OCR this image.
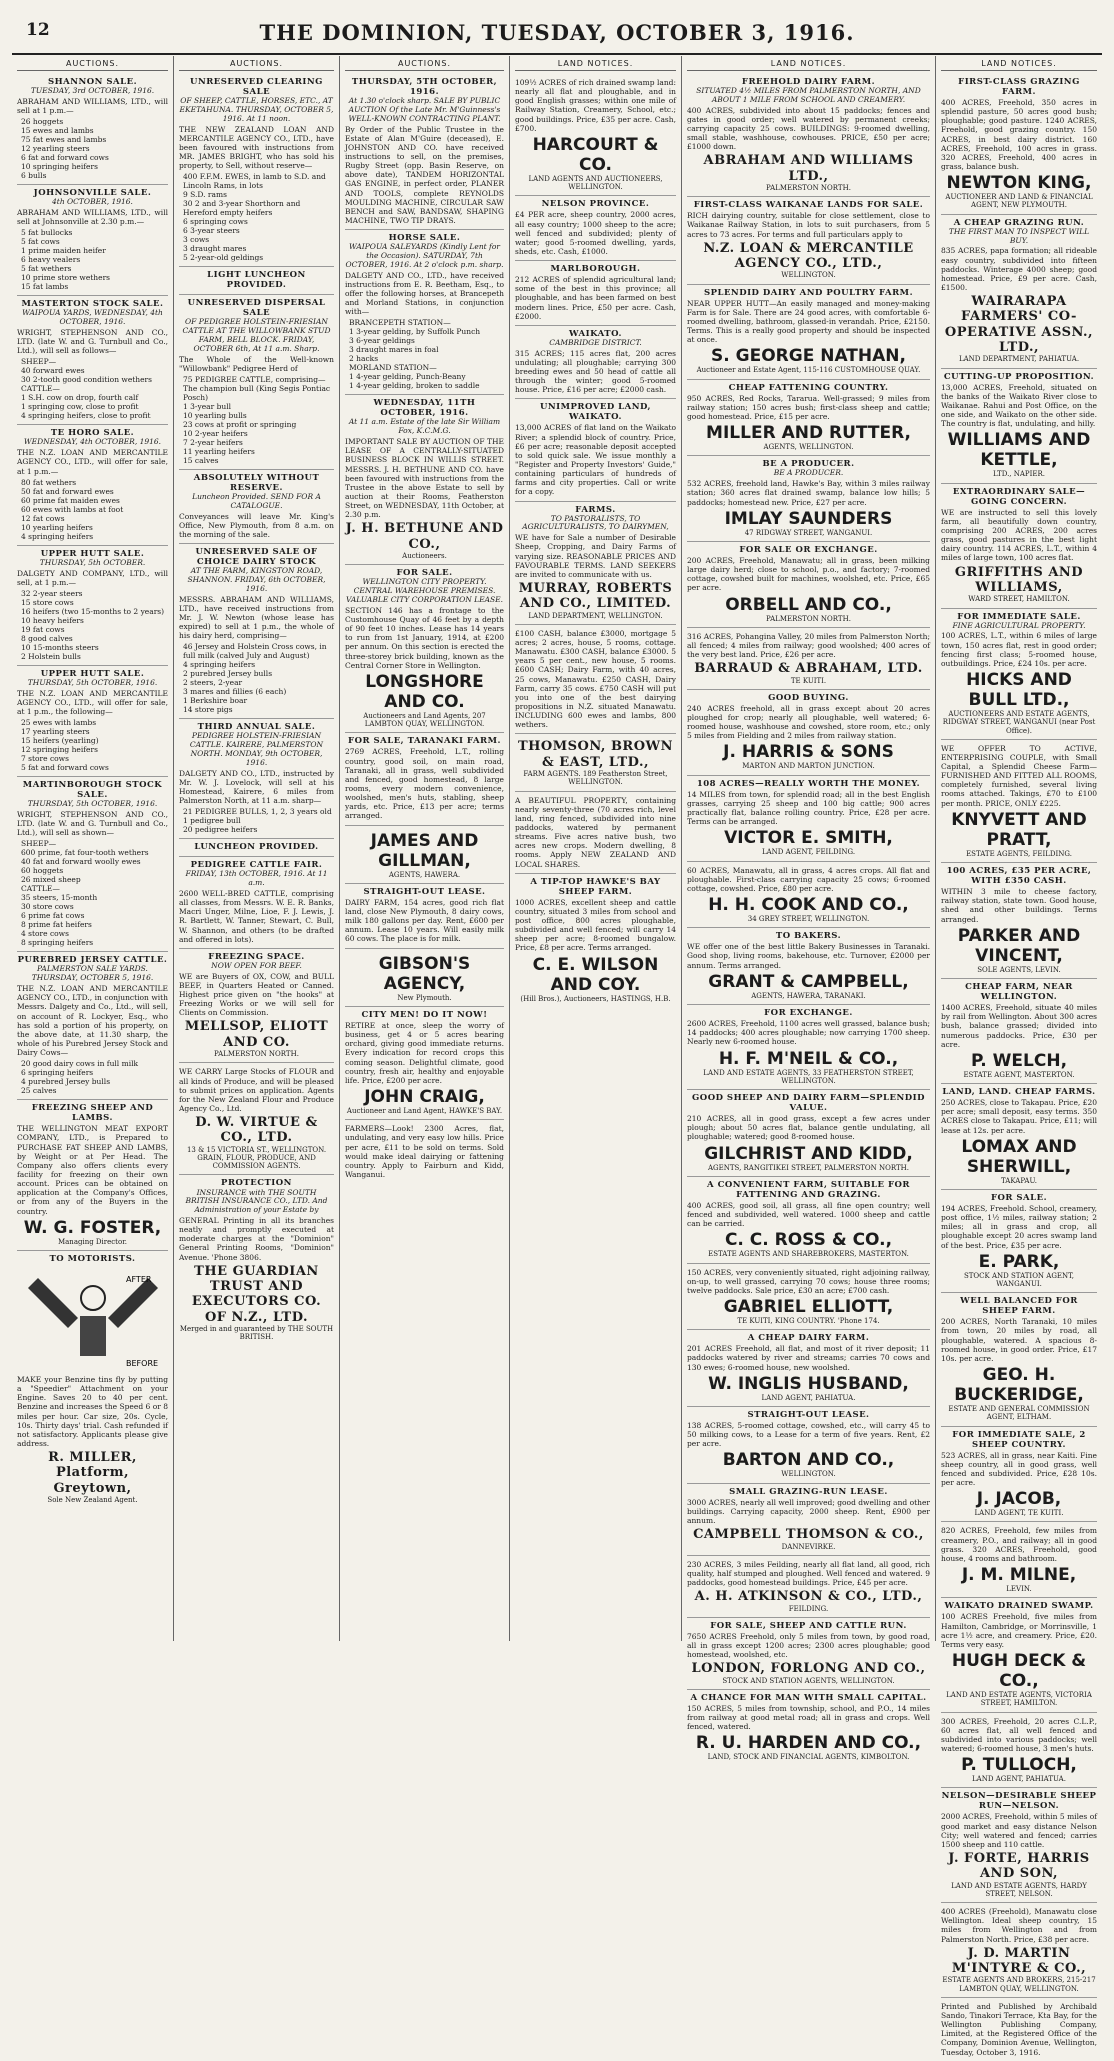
12	THE DOMINION, TUESDAY, OCTOBER 3, 1916.
AUCTIONS.
SHANNON SALE.
TUESDAY, 3rd OCTOBER, 1916.
ABRAHAM AND WILLIAMS, LTD., will sell at 1 p.m.—
26 hoggets
15 ewes and lambs
75 fat ewes and lambs
12 yearling steers
6 fat and forward cows
10 springing heifers
6 bulls
JOHNSONVILLE SALE.
4th OCTOBER, 1916.
ABRAHAM AND WILLIAMS, LTD., will sell at Johnsonville at 2.30 p.m.—
5 fat bullocks
5 fat cows
1 prime maiden heifer
6 heavy vealers
5 fat wethers
10 prime store wethers
15 fat lambs
MASTERTON STOCK SALE.
WAIPOUA YARDS, WEDNESDAY, 4th OCTOBER, 1916.
WRIGHT, STEPHENSON AND CO., LTD. (late W. and G. Turnbull and Co., Ltd.), will sell as follows—
SHEEP—
40 forward ewes
30 2-tooth good condition wethers
CATTLE—
1 S.H. cow on drop, fourth calf
1 springing cow, close to profit
4 springing heifers, close to profit
TE HORO SALE.
WEDNESDAY, 4th OCTOBER, 1916.
THE N.Z. LOAN AND MERCANTILE AGENCY CO., LTD., will offer for sale, at 1 p.m.—
80 fat wethers
50 fat and forward ewes
60 prime fat maiden ewes
60 ewes with lambs at foot
12 fat cows
10 yearling heifers
4 springing heifers
UPPER HUTT SALE.
THURSDAY, 5th OCTOBER.
DALGETY AND COMPANY, LTD., will sell, at 1 p.m.—
32 2-year steers
15 store cows
16 heifers (two 15-months to 2 years)
10 heavy heifers
19 fat cows
8 good calves
10 15-months steers
2 Holstein bulls
UPPER HUTT SALE.
THURSDAY, 5th OCTOBER, 1916.
THE N.Z. LOAN AND MERCANTILE AGENCY CO., LTD., will offer for sale, at 1 p.m., the following—
25 ewes with lambs
17 yearling steers
15 heifers (yearling)
12 springing heifers
7 store cows
5 fat and forward cows
MARTINBOROUGH STOCK SALE.
THURSDAY, 5th OCTOBER, 1916.
WRIGHT, STEPHENSON AND CO., LTD. (late W. and G. Turnbull and Co., Ltd.), will sell as shown—
SHEEP—
600 prime, fat four-tooth wethers
40 fat and forward woolly ewes
60 hoggets
26 mixed sheep
CATTLE—
35 steers, 15-month
30 store cows
6 prime fat cows
8 prime fat heifers
4 store cows
8 springing heifers
PUREBRED JERSEY CATTLE.
PALMERSTON SALE YARDS. THURSDAY, OCTOBER 5, 1916.
THE N.Z. LOAN AND MERCANTILE AGENCY CO., LTD., in conjunction with Messrs. Dalgety and Co., Ltd., will sell, on account of R. Lockyer, Esq., who has sold a portion of his property, on the above date, at 11.30 sharp, the whole of his Purebred Jersey Stock and Dairy Cows—
20 good dairy cows in full milk
6 springing heifers
4 purebred Jersey bulls
25 calves
FREEZING SHEEP AND LAMBS.
THE WELLINGTON MEAT EXPORT COMPANY, LTD., is Prepared to PURCHASE FAT SHEEP AND LAMBS, by Weight or at Per Head. The Company also offers clients every facility for freezing on their own account. Prices can be obtained on application at the Company's Offices, or from any of the Buyers in the country.
W. G. FOSTER,
Managing Director.
TO MOTORISTS.
AFTER
BEFORE
MAKE your Benzine tins fly by putting a "Speedier" Attachment on your Engine. Saves 20 to 40 per cent. Benzine and increases the Speed 6 or 8 miles per hour. Car size, 20s. Cycle, 10s. Thirty days' trial. Cash refunded if not satisfactory. Applicants please give address.
R. MILLER, Platform, Greytown,
Sole New Zealand Agent.
AUCTIONS.
UNRESERVED CLEARING SALE
OF SHEEP, CATTLE, HORSES, ETC., AT EKETAHUNA. THURSDAY, OCTOBER 5, 1916. At 11 noon.
THE NEW ZEALAND LOAN AND MERCANTILE AGENCY CO., LTD., have been favoured with instructions from MR. JAMES BRIGHT, who has sold his property, to Sell, without reserve—
400 F.F.M. EWES, in lamb to S.D. and Lincoln Rams, in lots
9 S.D. rams
30 2 and 3-year Shorthorn and Hereford empty heifers
6 springing cows
6 3-year steers
3 cows
3 draught mares
5 2-year-old geldings
LIGHT LUNCHEON PROVIDED.
UNRESERVED DISPERSAL SALE
OF PEDIGREE HOLSTEIN-FRIESIAN CATTLE AT THE WILLOWBANK STUD FARM, BELL BLOCK. FRIDAY, OCTOBER 6th, At 11 a.m. Sharp.
The Whole of the Well-known "Willowbank" Pedigree Herd of
75 PEDIGREE CATTLE, comprising—
The champion bull (King Segis Pontiac Posch)
1 3-year bull
10 yearling bulls
23 cows at profit or springing
10 2-year heifers
7 2-year heifers
11 yearling heifers
15 calves
ABSOLUTELY WITHOUT RESERVE.
Luncheon Provided. SEND FOR A CATALOGUE.
Conveyances will leave Mr. King's Office, New Plymouth, from 8 a.m. on the morning of the sale.
UNRESERVED SALE OF CHOICE DAIRY STOCK
AT THE FARM, KINGSTON ROAD, SHANNON. FRIDAY, 6th OCTOBER, 1916.
MESSRS. ABRAHAM AND WILLIAMS, LTD., have received instructions from Mr. J. W. Newton (whose lease has expired) to sell at 1 p.m., the whole of his dairy herd, comprising—
46 Jersey and Holstein Cross cows, in full milk (calved July and August)
4 springing heifers
2 purebred Jersey bulls
2 steers, 2-year
3 mares and fillies (6 each)
1 Berkshire boar
14 store pigs
THIRD ANNUAL SALE.
PEDIGREE HOLSTEIN-FRIESIAN CATTLE. KAIRERE, PALMERSTON NORTH. MONDAY, 9th OCTOBER, 1916.
DALGETY AND CO., LTD., instructed by Mr. W. J. Lovelock, will sell at his Homestead, Kairere, 6 miles from Palmerston North, at 11 a.m. sharp—
21 PEDIGREE BULLS, 1, 2, 3 years old
1 pedigree bull
20 pedigree heifers
LUNCHEON PROVIDED.
PEDIGREE CATTLE FAIR.
FRIDAY, 13th OCTOBER, 1916. At 11 a.m.
2600 WELL-BRED CATTLE, comprising all classes, from Messrs. W. E. R. Banks, Macri Unger, Milne, Lioe, F. J. Lewis, J. R. Bartlett, W. Tanner, Stewart, C. Bull, W. Shannon, and others (to be drafted and offered in lots).
FREEZING SPACE.
NOW OPEN FOR BEEF.
WE are Buyers of OX, COW, and BULL BEEF, in Quarters Heated or Canned. Highest price given on "the hooks" at Freezing Works or we will sell for Clients on Commission.
MELLSOP, ELIOTT AND CO.
PALMERSTON NORTH.
WE CARRY Large Stocks of FLOUR and all kinds of Produce, and will be pleased to submit prices on application. Agents for the New Zealand Flour and Produce Agency Co., Ltd.
D. W. VIRTUE & CO., LTD.
13 & 15 VICTORIA ST., WELLINGTON. GRAIN, FLOUR, PRODUCE, AND COMMISSION AGENTS.
PROTECTION
INSURANCE with THE SOUTH BRITISH INSURANCE CO., LTD. And Administration of your Estate by
GENERAL Printing in all its branches neatly and promptly executed at moderate charges at the "Dominion" General Printing Rooms, "Dominion" Avenue. 'Phone 3806.
THE GUARDIAN TRUST AND EXECUTORS CO. OF N.Z., LTD.
Merged in and guaranteed by THE SOUTH BRITISH.
AUCTIONS.
THURSDAY, 5TH OCTOBER, 1916.
At 1.30 o'clock sharp. SALE BY PUBLIC AUCTION Of the Late Mr. M'Guinness's WELL-KNOWN CONTRACTING PLANT.
By Order of the Public Trustee in the Estate of Alan M'Guire (deceased), E. JOHNSTON AND CO. have received instructions to sell, on the premises, Rugby Street (opp. Basin Reserve, on above date), TANDEM HORIZONTAL GAS ENGINE, in perfect order, PLANER AND TOOLS, complete REYNOLDS MOULDING MACHINE, CIRCULAR SAW BENCH and SAW, BANDSAW, SHAPING MACHINE, TWO TIP DRAYS.
HORSE SALE.
WAIPOUA SALEYARDS (Kindly Lent for the Occasion). SATURDAY, 7th OCTOBER, 1916. At 2 o'clock p.m. sharp.
DALGETY AND CO., LTD., have received instructions from E. R. Beetham, Esq., to offer the following horses, at Brancepeth and Morland Stations, in conjunction with—
BRANCEPETH STATION—
1 3-year gelding, by Suffolk Punch
3 6-year geldings
3 draught mares in foal
2 hacks
MORLAND STATION—
1 4-year gelding, Punch-Beany
1 4-year gelding, broken to saddle
WEDNESDAY, 11TH OCTOBER, 1916.
At 11 a.m. Estate of the late Sir William Fox, K.C.M.G.
IMPORTANT SALE BY AUCTION OF THE LEASE OF A CENTRALLY-SITUATED BUSINESS BLOCK IN WILLIS STREET. MESSRS. J. H. BETHUNE AND CO. have been favoured with instructions from the Trustee in the above Estate to sell by auction at their Rooms, Featherston Street, on WEDNESDAY, 11th October, at 2.30 p.m.
J. H. BETHUNE AND CO.,
Auctioneers.
FOR SALE.
WELLINGTON CITY PROPERTY. CENTRAL WAREHOUSE PREMISES. VALUABLE CITY CORPORATION LEASE.
SECTION 146 has a frontage to the Customhouse Quay of 46 feet by a depth of 90 feet 10 inches. Lease has 14 years to run from 1st January, 1914, at £200 per annum. On this section is erected the three-storey brick building, known as the Central Corner Store in Wellington.
LONGSHORE AND CO.
Auctioneers and Land Agents, 207 LAMBTON QUAY, WELLINGTON.
FOR SALE, TARANAKI FARM.
2769 ACRES, Freehold, L.T., rolling country, good soil, on main road, Taranaki, all in grass, well subdivided and fenced, good homestead, 8 large rooms, every modern convenience, woolshed, men's huts, stabling, sheep yards, etc. Price, £13 per acre; terms arranged.
JAMES AND GILLMAN,
AGENTS, HAWERA.
STRAIGHT-OUT LEASE.
DAIRY FARM, 154 acres, good rich flat land, close New Plymouth, 8 dairy cows, milk 180 gallons per day. Rent, £600 per annum. Lease 10 years. Will easily milk 60 cows. The place is for milk.
GIBSON'S AGENCY,
New Plymouth.
CITY MEN! DO IT NOW!
RETIRE at once, sleep the worry of business, get 4 or 5 acres bearing orchard, giving good immediate returns. Every indication for record crops this coming season. Delightful climate, good country, fresh air, healthy and enjoyable life. Price, £200 per acre.
JOHN CRAIG,
Auctioneer and Land Agent, HAWKE'S BAY.
FARMERS—Look! 2300 Acres, flat, undulating, and very easy low hills. Price per acre, £11 to be sold on terms. Sold would make ideal dairying or fattening country. Apply to Fairburn and Kidd, Wanganui.
LAND NOTICES.
109½ ACRES of rich drained swamp land: nearly all flat and ploughable, and in good English grasses; within one mile of Railway Station, Creamery, School, etc.; good buildings. Price, £35 per acre. Cash, £700.
HARCOURT & CO.
LAND AGENTS AND AUCTIONEERS, WELLINGTON.
NELSON PROVINCE.
£4 PER acre, sheep country, 2000 acres, all easy country; 1000 sheep to the acre; well fenced and subdivided; plenty of water; good 5-roomed dwelling, yards, sheds, etc. Cash, £1000.
MARLBOROUGH.
212 ACRES of splendid agricultural land; some of the best in this province; all ploughable, and has been farmed on best modern lines. Price, £50 per acre. Cash, £2000.
WAIKATO.
CAMBRIDGE DISTRICT.
315 ACRES; 115 acres flat, 200 acres undulating; all ploughable; carrying 300 breeding ewes and 50 head of cattle all through the winter; good 5-roomed house. Price, £16 per acre; £2000 cash.
UNIMPROVED LAND, WAIKATO.
13,000 ACRES of flat land on the Waikato River; a splendid block of country. Price, £6 per acre; reasonable deposit accepted to sold quick sale. We issue monthly a "Register and Property Investors' Guide," containing particulars of hundreds of farms and city properties. Call or write for a copy.
FARMS.
TO PASTORALISTS, TO AGRICULTURALISTS, TO DAIRYMEN,
WE have for Sale a number of Desirable Sheep, Cropping, and Dairy Farms of varying size. REASONABLE PRICES AND FAVOURABLE TERMS. LAND SEEKERS are invited to communicate with us.
MURRAY, ROBERTS AND CO., LIMITED.
LAND DEPARTMENT, WELLINGTON.
£100 CASH, balance £3000, mortgage 5 acres; 2 acres, house, 5 rooms, cottage. Manawatu. £300 CASH, balance £3000. 5 years 5 per cent., new house, 5 rooms. £600 CASH; Dairy Farm, with 40 acres, 25 cows, Manawatu. £250 CASH, Dairy Farm, carry 35 cows. £750 CASH will put you into one of the best dairying propositions in N.Z. situated Manawatu. INCLUDING 600 ewes and lambs, 800 wethers.
THOMSON, BROWN & EAST, LTD.,
FARM AGENTS. 189 Featherston Street, WELLINGTON.
A BEAUTIFUL PROPERTY, containing nearly seventy-three (70 acres rich, level land, ring fenced, subdivided into nine paddocks, watered by permanent streams. Five acres native bush, two acres new crops. Modern dwelling, 8 rooms. Apply NEW ZEALAND AND LOCAL SHARES.
A TIP-TOP HAWKE'S BAY SHEEP FARM.
1000 ACRES, excellent sheep and cattle country, situated 3 miles from school and post office, 800 acres ploughable, subdivided and well fenced; will carry 14 sheep per acre; 8-roomed bungalow. Price, £8 per acre. Terms arranged.
C. E. WILSON AND COY.
(Hill Bros.), Auctioneers, HASTINGS, H.B.
LAND NOTICES.
FREEHOLD DAIRY FARM.
SITUATED 4½ MILES FROM PALMERSTON NORTH, AND ABOUT 1 MILE FROM SCHOOL AND CREAMERY.
400 ACRES, subdivided into about 15 paddocks; fences and gates in good order; well watered by permanent creeks; carrying capacity 25 cows. BUILDINGS: 9-roomed dwelling, small stable, washhouse, cowhouses. PRICE, £50 per acre; £1000 down.
ABRAHAM AND WILLIAMS LTD.,
PALMERSTON NORTH.
FIRST-CLASS WAIKANAE LANDS FOR SALE.
RICH dairying country, suitable for close settlement, close to Waikanae Railway Station, in lots to suit purchasers, from 5 acres to 73 acres. For terms and full particulars apply to
N.Z. LOAN & MERCANTILE AGENCY CO., LTD.,
WELLINGTON.
SPLENDID DAIRY AND POULTRY FARM.
NEAR UPPER HUTT—An easily managed and money-making Farm is for Sale. There are 24 good acres, with comfortable 6-roomed dwelling, bathroom, glassed-in verandah. Price, £2150. Terms. This is a really good property and should be inspected at once.
S. GEORGE NATHAN,
Auctioneer and Estate Agent, 115-116 CUSTOMHOUSE QUAY.
CHEAP FATTENING COUNTRY.
950 ACRES, Red Rocks, Tararua. Well-grassed; 9 miles from railway station; 150 acres bush; first-class sheep and cattle; good homestead. Price, £15 per acre.
MILLER AND RUTTER,
AGENTS, WELLINGTON.
BE A PRODUCER.
BE A PRODUCER.
532 ACRES, freehold land, Hawke's Bay, within 3 miles railway station; 360 acres flat drained swamp, balance low hills; 5 paddocks; homestead new. Price, £27 per acre.
IMLAY SAUNDERS
47 RIDGWAY STREET, WANGANUI.
FOR SALE OR EXCHANGE.
200 ACRES, Freehold, Manawatu; all in grass, been milking large dairy herd; close to school, p.o., and factory; 7-roomed cottage, cowshed built for machines, woolshed, etc. Price, £65 per acre.
ORBELL AND CO.,
PALMERSTON NORTH.
316 ACRES, Pohangina Valley, 20 miles from Palmerston North; all fenced; 4 miles from railway; good woolshed; 400 acres of the very best land. Price, £26 per acre.
BARRAUD & ABRAHAM, LTD.
TE KUITI.
GOOD BUYING.
240 ACRES freehold, all in grass except about 20 acres ploughed for crop; nearly all ploughable, well watered; 6-roomed house, washhouse and cowshed, store room, etc.; only 5 miles from Fielding and 2 miles from railway station.
J. HARRIS & SONS
MARTON AND MARTON JUNCTION.
108 ACRES—REALLY WORTH THE MONEY.
14 MILES from town, for splendid road; all in the best English grasses, carrying 25 sheep and 100 big cattle; 900 acres practically flat, balance rolling country. Price, £28 per acre. Terms can be arranged.
VICTOR E. SMITH,
LAND AGENT, FEILDING.
60 ACRES, Manawatu, all in grass, 4 acres crops. All flat and ploughable. First-class carrying capacity 25 cows; 6-roomed cottage, cowshed. Price, £80 per acre.
H. H. COOK AND CO.,
34 GREY STREET, WELLINGTON.
TO BAKERS.
WE offer one of the best little Bakery Businesses in Taranaki. Good shop, living rooms, bakehouse, etc. Turnover, £2000 per annum. Terms arranged.
GRANT & CAMPBELL,
AGENTS, HAWERA, TARANAKI.
FOR EXCHANGE.
2600 ACRES, Freehold, 1100 acres well grassed, balance bush; 14 paddocks; 400 acres ploughable; now carrying 1700 sheep. Nearly new 6-roomed house.
H. F. M'NEIL & CO.,
LAND AND ESTATE AGENTS, 33 FEATHERSTON STREET, WELLINGTON.
GOOD SHEEP AND DAIRY FARM—SPLENDID VALUE.
210 ACRES, all in good grass, except a few acres under plough; about 50 acres flat, balance gentle undulating, all ploughable; watered; good 8-roomed house.
GILCHRIST AND KIDD,
AGENTS, RANGITIKEI STREET, PALMERSTON NORTH.
A CONVENIENT FARM, SUITABLE FOR FATTENING AND GRAZING.
400 ACRES, good soil, all grass, all fine open country; well fenced and subdivided, well watered. 1000 sheep and cattle can be carried.
C. C. ROSS & CO.,
ESTATE AGENTS AND SHAREBROKERS, MASTERTON.
150 ACRES, very conveniently situated, right adjoining railway, on-up, to well grassed, carrying 70 cows; house three rooms; twelve paddocks. Sale price, £30 an acre; £700 cash.
GABRIEL ELLIOTT,
TE KUITI, KING COUNTRY. 'Phone 174.
A CHEAP DAIRY FARM.
201 ACRES Freehold, all flat, and most of it river deposit; 11 paddocks watered by river and streams; carries 70 cows and 130 ewes; 6-roomed house, new woolshed.
W. INGLIS HUSBAND,
LAND AGENT, PAHIATUA.
STRAIGHT-OUT LEASE.
138 ACRES, 5-roomed cottage, cowshed, etc., will carry 45 to 50 milking cows, to a Lease for a term of five years. Rent, £2 per acre.
BARTON AND CO.,
WELLINGTON.
SMALL GRAZING-RUN LEASE.
3000 ACRES, nearly all well improved; good dwelling and other buildings. Carrying capacity, 2000 sheep. Rent, £900 per annum.
CAMPBELL THOMSON & CO.,
DANNEVIRKE.
230 ACRES, 3 miles Feilding, nearly all flat land, all good, rich quality, half stumped and ploughed. Well fenced and watered. 9 paddocks, good homestead buildings. Price, £45 per acre.
A. H. ATKINSON & CO., LTD.,
FEILDING.
FOR SALE, SHEEP AND CATTLE RUN.
7650 ACRES Freehold, only 5 miles from town, by good road, all in grass except 1200 acres; 2300 acres ploughable; good homestead, woolshed, etc.
LONDON, FORLONG AND CO.,
STOCK AND STATION AGENTS, WELLINGTON.
A CHANCE FOR MAN WITH SMALL CAPITAL.
150 ACRES, 5 miles from township, school, and P.O., 14 miles from railway at good metal road; all in grass and crops. Well fenced, watered.
R. U. HARDEN AND CO.,
LAND, STOCK AND FINANCIAL AGENTS, KIMBOLTON.
LAND NOTICES.
FIRST-CLASS GRAZING FARM.
400 ACRES, Freehold, 350 acres in splendid pasture, 50 acres good bush; ploughable; good pasture. 1240 ACRES, Freehold, good grazing country. 150 ACRES, in best dairy district. 160 ACRES, Freehold, 100 acres in grass. 320 ACRES, Freehold, 400 acres in grass, balance bush.
NEWTON KING,
AUCTIONEER AND LAND & FINANCIAL AGENT, NEW PLYMOUTH.
A CHEAP GRAZING RUN.
THE FIRST MAN TO INSPECT WILL BUY.
835 ACRES, papa formation; all rideable easy country, subdivided into fifteen paddocks. Winterage 4000 sheep; good homestead. Price, £9 per acre. Cash, £1500.
WAIRARAPA FARMERS' CO-OPERATIVE ASSN., LTD.,
LAND DEPARTMENT, PAHIATUA.
CUTTING-UP PROPOSITION.
13,000 ACRES, Freehold, situated on the banks of the Waikato River close to Waikanae. Rahui and Post Office, on the one side, and Waikato on the other side. The country is flat, undulating, and hilly.
WILLIAMS AND KETTLE,
LTD., NAPIER.
EXTRAORDINARY SALE—GOING CONCERN.
WE are instructed to sell this lovely farm, all beautifully down country, comprising 200 ACRES, 200 acres grass, good pastures in the best light dairy country. 114 ACRES, L.T., within 4 miles of large town, 100 acres flat.
GRIFFITHS AND WILLIAMS,
WARD STREET, HAMILTON.
FOR IMMEDIATE SALE.
FINE AGRICULTURAL PROPERTY.
100 ACRES, L.T., within 6 miles of large town, 150 acres flat, rest in good order; fencing first class; 5-roomed house, outbuildings. Price, £24 10s. per acre.
HICKS AND BULL LTD.,
AUCTIONEERS AND ESTATE AGENTS, RIDGWAY STREET, WANGANUI (near Post Office).
WE OFFER TO ACTIVE, ENTERPRISING COUPLE, with Small Capital, a Splendid Cheese Farm—FURNISHED AND FITTED ALL ROOMS, completely furnished, several living rooms attached. Takings, £70 to £100 per month. PRICE, ONLY £225.
KNYVETT AND PRATT,
ESTATE AGENTS, FEILDING.
100 ACRES, £35 PER ACRE, WITH £350 CASH.
WITHIN 3 mile to cheese factory, railway station, state town. Good house, shed and other buildings. Terms arranged.
PARKER AND VINCENT,
SOLE AGENTS, LEVIN.
CHEAP FARM, NEAR WELLINGTON.
1400 ACRES, Freehold, situate 40 miles by rail from Wellington. About 300 acres bush, balance grassed; divided into numerous paddocks. Price, £30 per acre.
P. WELCH,
ESTATE AGENT, MASTERTON.
LAND, LAND. CHEAP FARMS.
250 ACRES, close to Takapau. Price, £20 per acre; small deposit, easy terms. 350 ACRES close to Takapau. Price, £11; will lease at 12s. per acre.
LOMAX AND SHERWILL,
TAKAPAU.
FOR SALE.
194 ACRES, Freehold. School, creamery, post office, 1½ miles, railway station; 2 miles; all in grass and crop, all ploughable except 20 acres swamp land of the best. Price, £35 per acre.
E. PARK,
STOCK AND STATION AGENT, WANGANUI.
WELL BALANCED FOR SHEEP FARM.
200 ACRES, North Taranaki, 10 miles from town, 20 miles by road, all ploughable, watered. A spacious 8-roomed house, in good order. Price, £17 10s. per acre.
GEO. H. BUCKERIDGE,
ESTATE AND GENERAL COMMISSION AGENT, ELTHAM.
FOR IMMEDIATE SALE, 2 SHEEP COUNTRY.
523 ACRES, all in grass, near Kaiti. Fine sheep country, all in good grass, well fenced and subdivided. Price, £28 10s. per acre.
J. JACOB,
LAND AGENT, TE KUITI.
820 ACRES, Freehold, few miles from creamery, P.O., and railway; all in good grass. 320 ACRES, Freehold, good house, 4 rooms and bathroom.
J. M. MILNE,
LEVIN.
WAIKATO DRAINED SWAMP.
100 ACRES Freehold, five miles from Hamilton, Cambridge, or Morrinsville, 1 acre 1½ acre, and creamery. Price, £20. Terms very easy.
HUGH DECK & CO.,
LAND AND ESTATE AGENTS, VICTORIA STREET, HAMILTON.
300 ACRES, Freehold, 20 acres C.L.P., 60 acres flat, all well fenced and subdivided into various paddocks; well watered; 6-roomed house, 3 men's huts.
P. TULLOCH,
LAND AGENT, PAHIATUA.
NELSON—DESIRABLE SHEEP RUN—NELSON.
2000 ACRES, Freehold, within 5 miles of good market and easy distance Nelson City; well watered and fenced; carries 1500 sheep and 110 cattle.
J. FORTE, HARRIS AND SON,
LAND AND ESTATE AGENTS, HARDY STREET, NELSON.
400 ACRES (Freehold), Manawatu close Wellington. Ideal sheep country, 15 miles from Wellington and from Palmerston North. Price, £38 per acre.
J. D. MARTIN M'INTYRE & CO.,
ESTATE AGENTS AND BROKERS, 215-217 LAMBTON QUAY, WELLINGTON.
Printed and Published by Archibald Sando, Tinakori Terrace, Kta Bay, for the Wellington Publishing Company, Limited, at the Registered Office of the Company, Dominion Avenue, Wellington, Tuesday, October 3, 1916.
